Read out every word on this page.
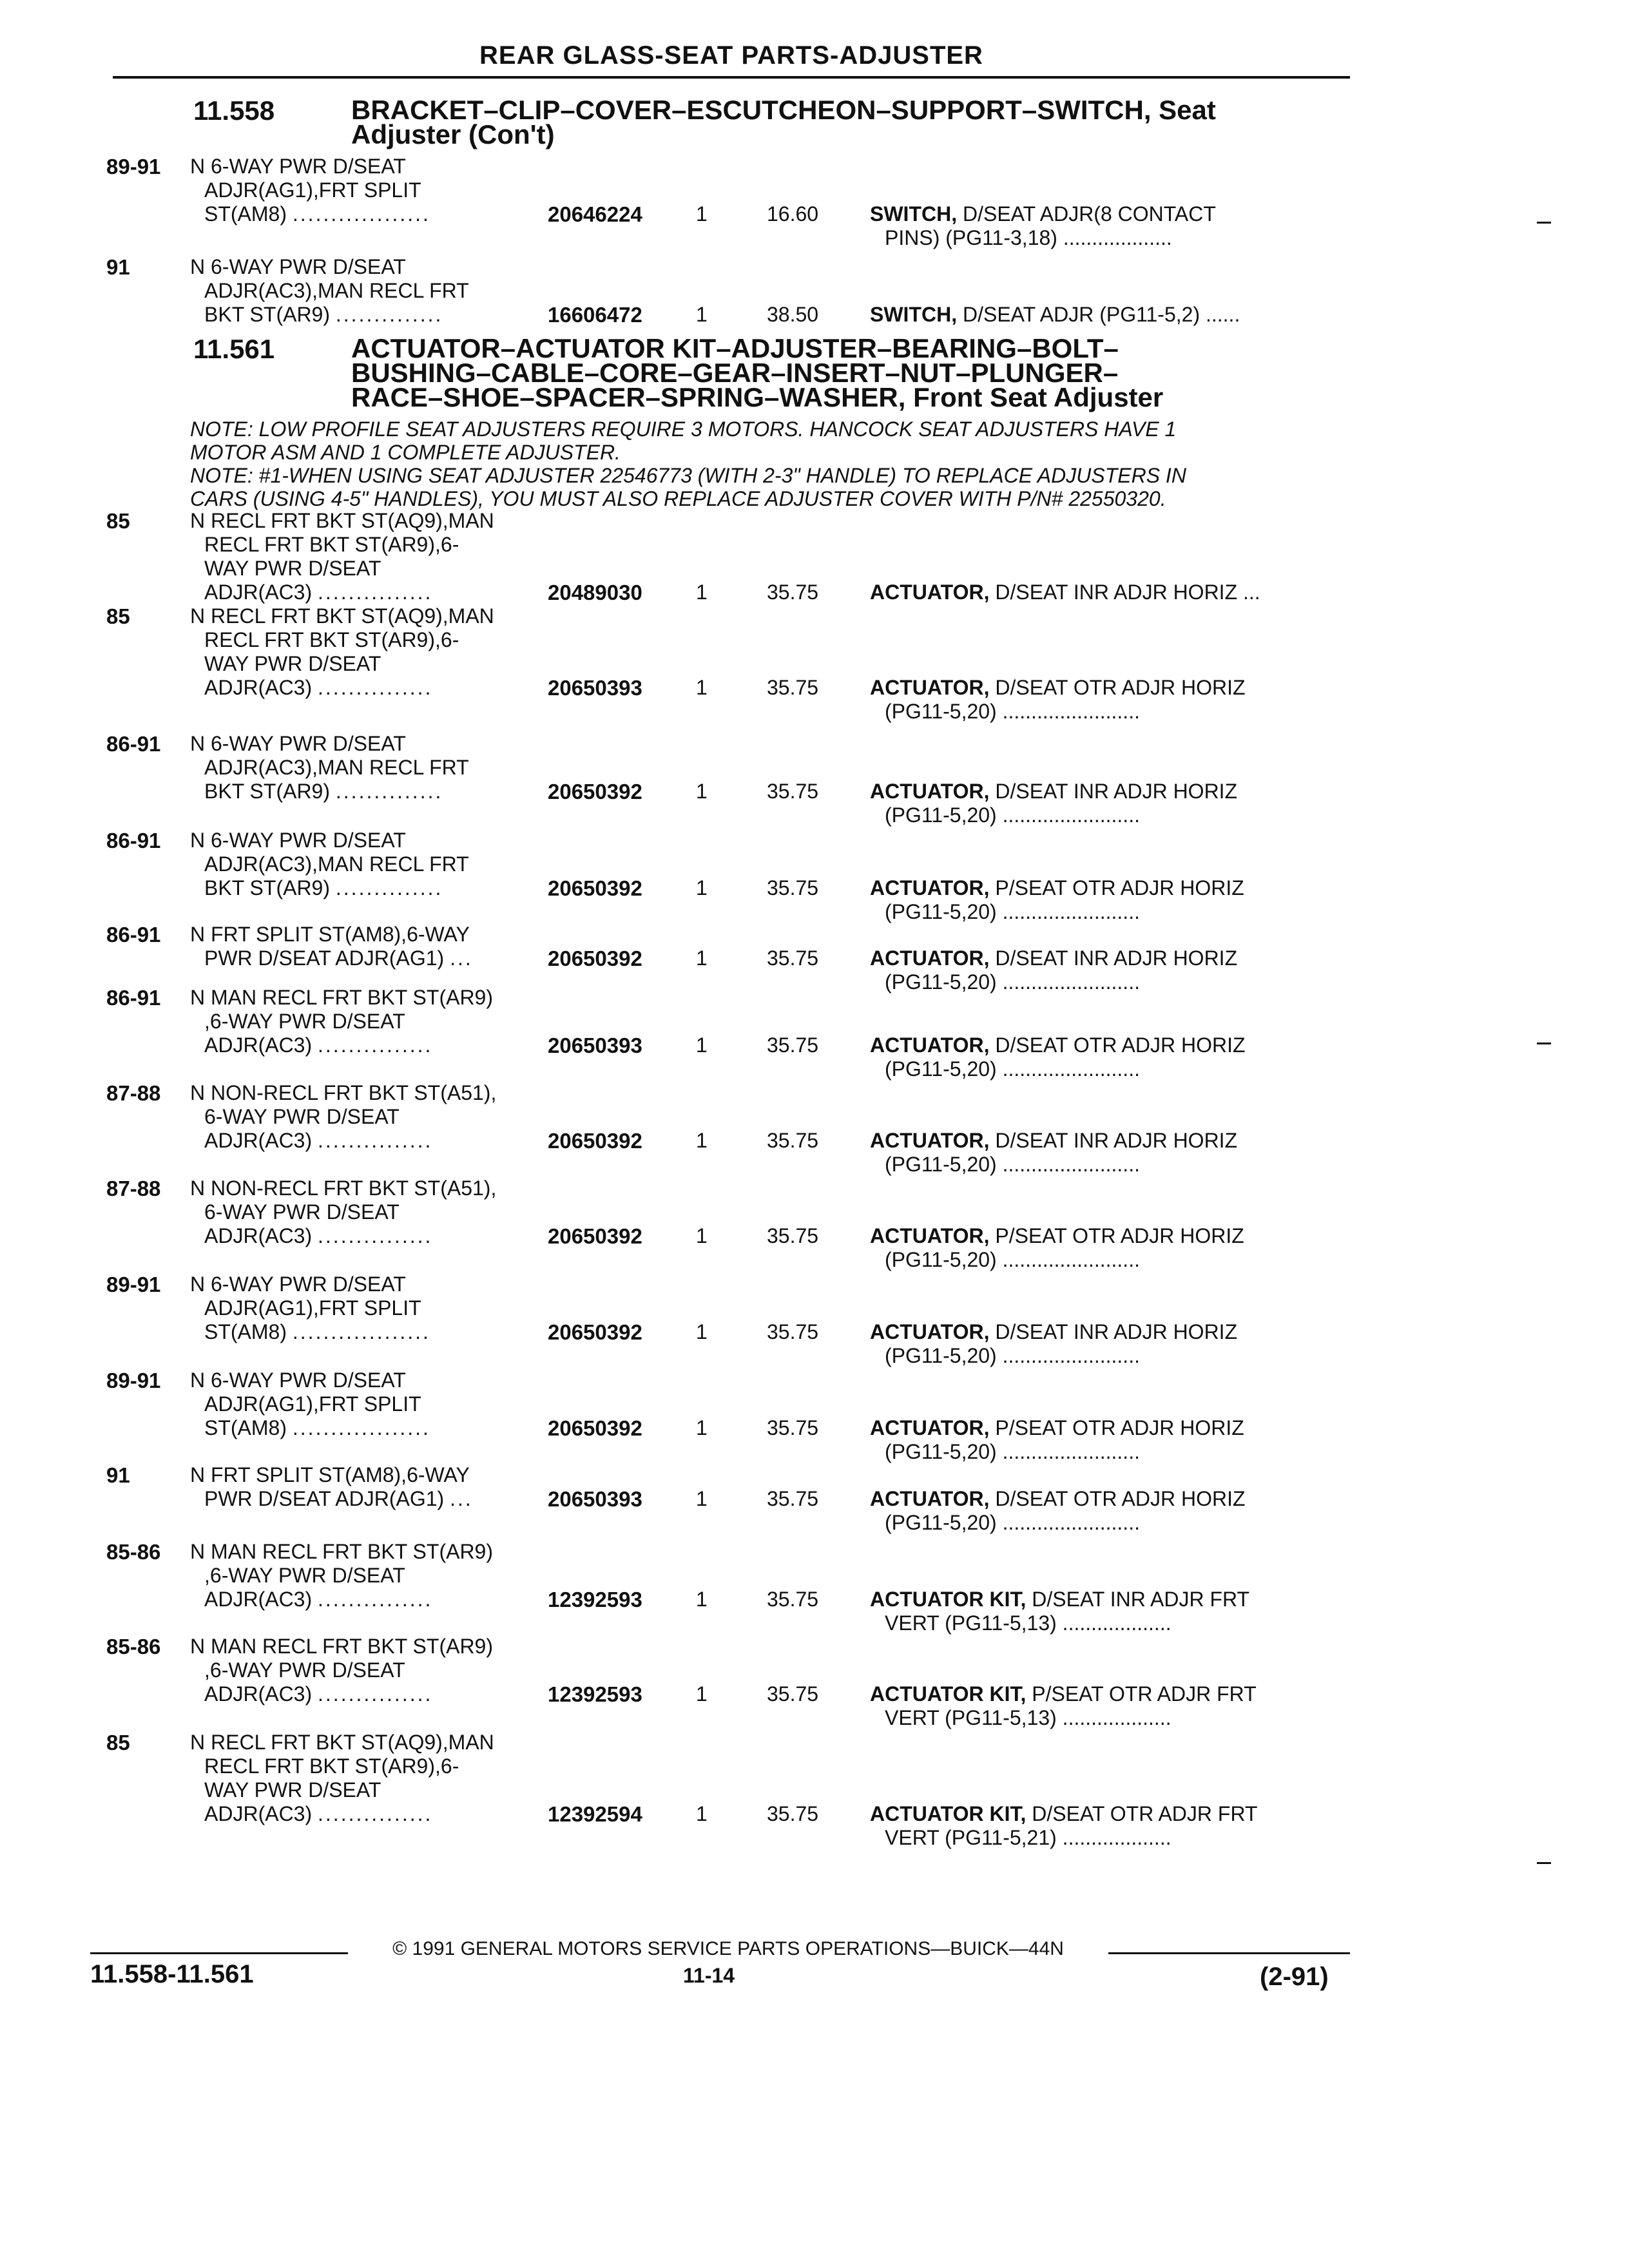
REAR GLASS-SEAT PARTS-ADJUSTER
11.558	BRACKET–CLIP–COVER–ESCUTCHEON–SUPPORT–SWITCH, Seat
Adjuster (Con't)
89-91 N 6-WAY PWR D/SEAT
ADJR(AG1),FRT SPLIT
ST(AM8) ..................	20646224	1	16.60 SWITCH, D/SEAT ADJR(8 CONTACT
PINS) (PG11-3,18) ...................
91	N 6-WAY PWR D/SEAT
ADJR(AC3),MAN RECL FRT
BKT ST(AR9) ..............	16606472	1	38.50 SWITCH, D/SEAT ADJR (PG11-5,2) ......
11.561	ACTUATOR–ACTUATOR KIT–ADJUSTER–BEARING–BOLT–
BUSHING–CABLE–CORE–GEAR–INSERT–NUT–PLUNGER–
RACE–SHOE–SPACER–SPRING–WASHER, Front Seat Adjuster
NOTE: LOW PROFILE SEAT ADJUSTERS REQUIRE 3 MOTORS. HANCOCK SEAT ADJUSTERS HAVE 1
MOTOR ASM AND 1 COMPLETE ADJUSTER.
NOTE: #1-WHEN USING SEAT ADJUSTER 22546773 (WITH 2-3" HANDLE) TO REPLACE ADJUSTERS IN
CARS (USING 4-5" HANDLES), YOU MUST ALSO REPLACE ADJUSTER COVER WITH P/N# 22550320.
85	N RECL FRT BKT ST(AQ9),MAN
RECL FRT BKT ST(AR9),6-
WAY PWR D/SEAT
ADJR(AC3) ...............	20489030	1	35.75 ACTUATOR, D/SEAT INR ADJR HORIZ ...
85	N RECL FRT BKT ST(AQ9),MAN
RECL FRT BKT ST(AR9),6-
WAY PWR D/SEAT
ADJR(AC3) ...............	20650393	1	35.75 ACTUATOR, D/SEAT OTR ADJR HORIZ
(PG11-5,20) ........................
86-91 N 6-WAY PWR D/SEAT
ADJR(AC3),MAN RECL FRT
BKT ST(AR9) ..............	20650392	1	35.75 ACTUATOR, D/SEAT INR ADJR HORIZ
(PG11-5,20) ........................
86-91 N 6-WAY PWR D/SEAT
ADJR(AC3),MAN RECL FRT
BKT ST(AR9) ..............	20650392	1	35.75 ACTUATOR, P/SEAT OTR ADJR HORIZ
(PG11-5,20) ........................
86-91 N FRT SPLIT ST(AM8),6-WAY
PWR D/SEAT ADJR(AG1) ...	20650392	1	35.75 ACTUATOR, D/SEAT INR ADJR HORIZ
(PG11-5,20) ........................
86-91 N MAN RECL FRT BKT ST(AR9)
,6-WAY PWR D/SEAT
ADJR(AC3) ...............	20650393	1	35.75 ACTUATOR, D/SEAT OTR ADJR HORIZ
(PG11-5,20) ........................
87-88 N NON-RECL FRT BKT ST(A51),
6-WAY PWR D/SEAT
ADJR(AC3) ...............	20650392	1	35.75 ACTUATOR, D/SEAT INR ADJR HORIZ
(PG11-5,20) ........................
87-88 N NON-RECL FRT BKT ST(A51),
6-WAY PWR D/SEAT
ADJR(AC3) ...............	20650392	1	35.75 ACTUATOR, P/SEAT OTR ADJR HORIZ
(PG11-5,20) ........................
89-91 N 6-WAY PWR D/SEAT
ADJR(AG1),FRT SPLIT
ST(AM8) ..................	20650392	1	35.75 ACTUATOR, D/SEAT INR ADJR HORIZ
(PG11-5,20) ........................
89-91 N 6-WAY PWR D/SEAT
ADJR(AG1),FRT SPLIT
ST(AM8) ..................	20650392	1	35.75 ACTUATOR, P/SEAT OTR ADJR HORIZ
(PG11-5,20) ........................
91	N FRT SPLIT ST(AM8),6-WAY
PWR D/SEAT ADJR(AG1) ...	20650393	1	35.75 ACTUATOR, D/SEAT OTR ADJR HORIZ
(PG11-5,20) ........................
85-86 N MAN RECL FRT BKT ST(AR9)
,6-WAY PWR D/SEAT
ADJR(AC3) ...............	12392593	1	35.75 ACTUATOR KIT, D/SEAT INR ADJR FRT
VERT (PG11-5,13) ...................
85-86 N MAN RECL FRT BKT ST(AR9)
,6-WAY PWR D/SEAT
ADJR(AC3) ...............	12392593	1	35.75 ACTUATOR KIT, P/SEAT OTR ADJR FRT
VERT (PG11-5,13) ...................
85	N RECL FRT BKT ST(AQ9),MAN
RECL FRT BKT ST(AR9),6-
WAY PWR D/SEAT
ADJR(AC3) ...............	12392594	1	35.75 ACTUATOR KIT, D/SEAT OTR ADJR FRT
VERT (PG11-5,21) ...................
© 1991 GENERAL MOTORS SERVICE PARTS OPERATIONS—BUICK—44N
11.558-11.561	11-14	(2-91)
